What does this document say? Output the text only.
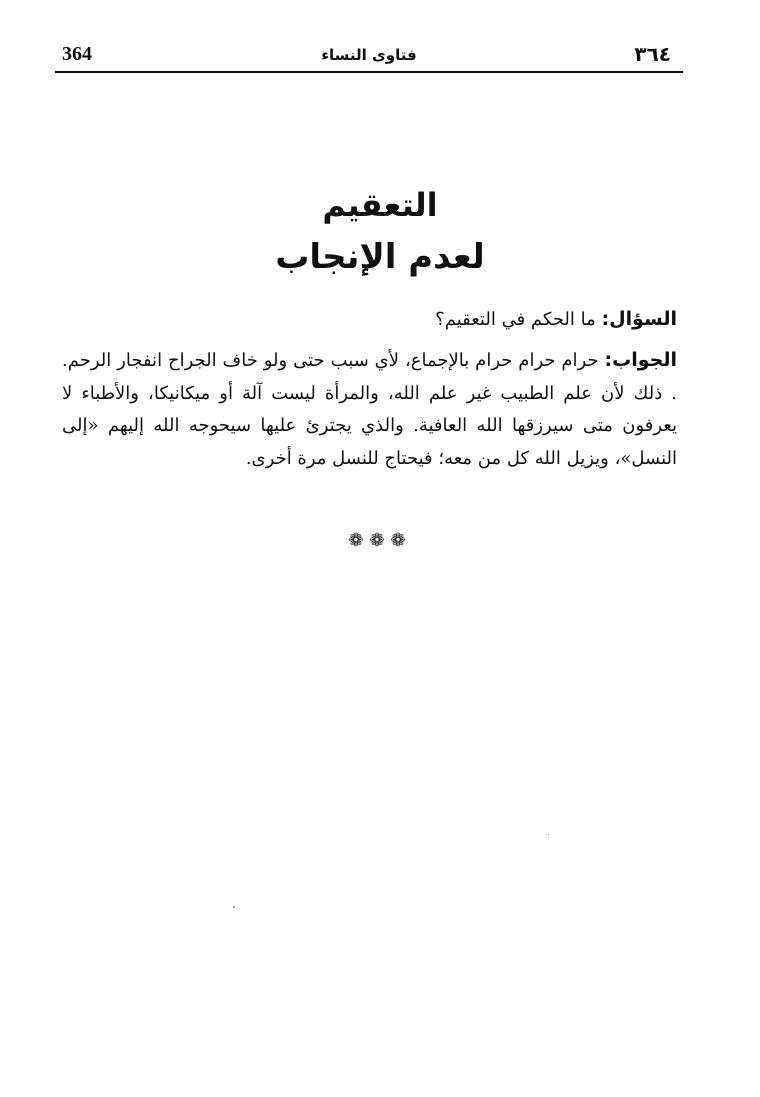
364	فتاوى النساء	٣٦٤
التعقيم
لعدم الإنجاب

السؤال: ما الحكم في التعقيم؟

الجواب: حرام حرام حرام بالإجماع، لأي سبب حتى ولو خاف الجراح انفجار الرحم. . ذلك لأن علم الطبيب غير علم الله، والمرأة ليست آلة أو ميكانيكا، والأطباء لا يعرفون متى سيرزقها الله العافية. والذي يجترئ عليها سيحوجه الله إليهم «إلى النسل»، ويزيل الله كل من معه؛ فيحتاج للنسل مرة أخرى.

❁❁❁
